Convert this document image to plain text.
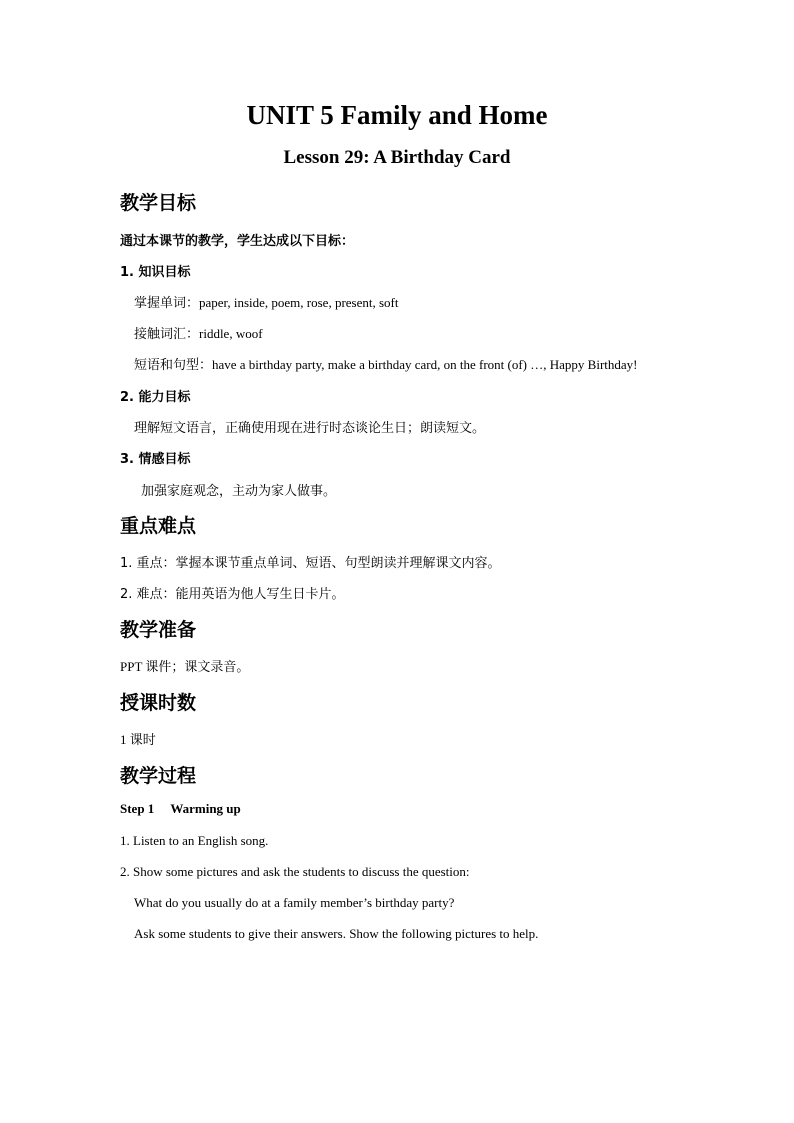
UNIT 5 Family and Home
Lesson 29: A Birthday Card
教学目标
通过本课节的教学，学生达成以下目标：
1. 知识目标
掌握单词：paper, inside, poem, rose, present, soft
接触词汇：riddle, woof
短语和句型：have a birthday party, make a birthday card, on the front (of) …, Happy Birthday!
2. 能力目标
理解短文语言，正确使用现在进行时态谈论生日；朗读短文。
3. 情感目标
加强家庭观念，主动为家人做事。
重点难点
1. 重点：掌握本课节重点单词、短语、句型朗读并理解课文内容。
2. 难点：能用英语为他人写生日卡片。
教学准备
PPT 课件；课文录音。
授课时数
1 课时
教学过程
Step 1     Warming up
1. Listen to an English song.
2. Show some pictures and ask the students to discuss the question:
What do you usually do at a family member’s birthday party?
Ask some students to give their answers. Show the following pictures to help.
